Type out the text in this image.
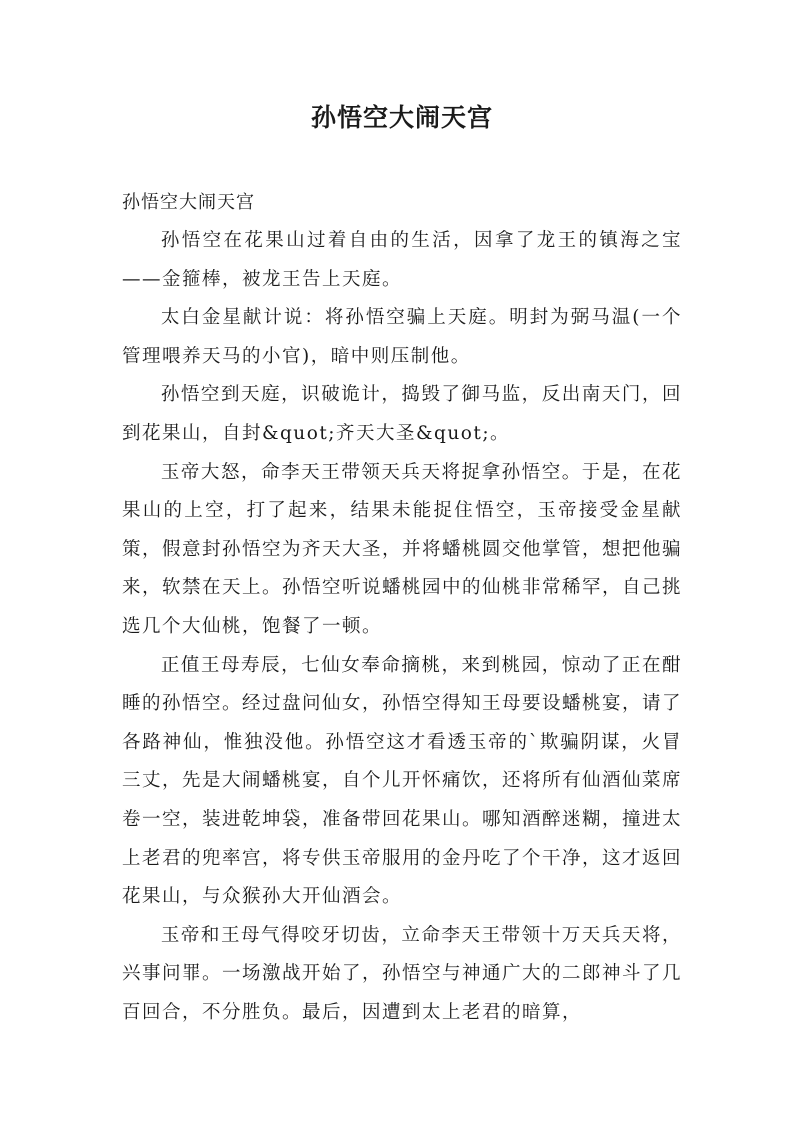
孙悟空大闹天宫

孙悟空大闹天宫

孙悟空在花果山过着自由的生活，因拿了龙王的镇海之宝——金箍棒，被龙王告上天庭。

太白金星献计说：将孙悟空骗上天庭。明封为弼马温(一个管理喂养天马的小官)，暗中则压制他。

孙悟空到天庭，识破诡计，捣毁了御马监，反出南天门，回到花果山，自封&quot;齐天大圣&quot;。

玉帝大怒，命李天王带领天兵天将捉拿孙悟空。于是，在花果山的上空，打了起来，结果未能捉住悟空，玉帝接受金星献策，假意封孙悟空为齐天大圣，并将蟠桃圆交他掌管，想把他骗来，软禁在天上。孙悟空听说蟠桃园中的仙桃非常稀罕，自己挑选几个大仙桃，饱餐了一顿。

正值王母寿辰，七仙女奉命摘桃，来到桃园，惊动了正在酣睡的孙悟空。经过盘问仙女，孙悟空得知王母要设蟠桃宴，请了各路神仙，惟独没他。孙悟空这才看透玉帝的`欺骗阴谋，火冒三丈，先是大闹蟠桃宴，自个儿开怀痛饮，还将所有仙酒仙菜席卷一空，装进乾坤袋，准备带回花果山。哪知酒醉迷糊，撞进太上老君的兜率宫，将专供玉帝服用的金丹吃了个干净，这才返回花果山，与众猴孙大开仙酒会。

玉帝和王母气得咬牙切齿，立命李天王带领十万天兵天将，兴事问罪。一场激战开始了，孙悟空与神通广大的二郎神斗了几百回合，不分胜负。最后，因遭到太上老君的暗算，
